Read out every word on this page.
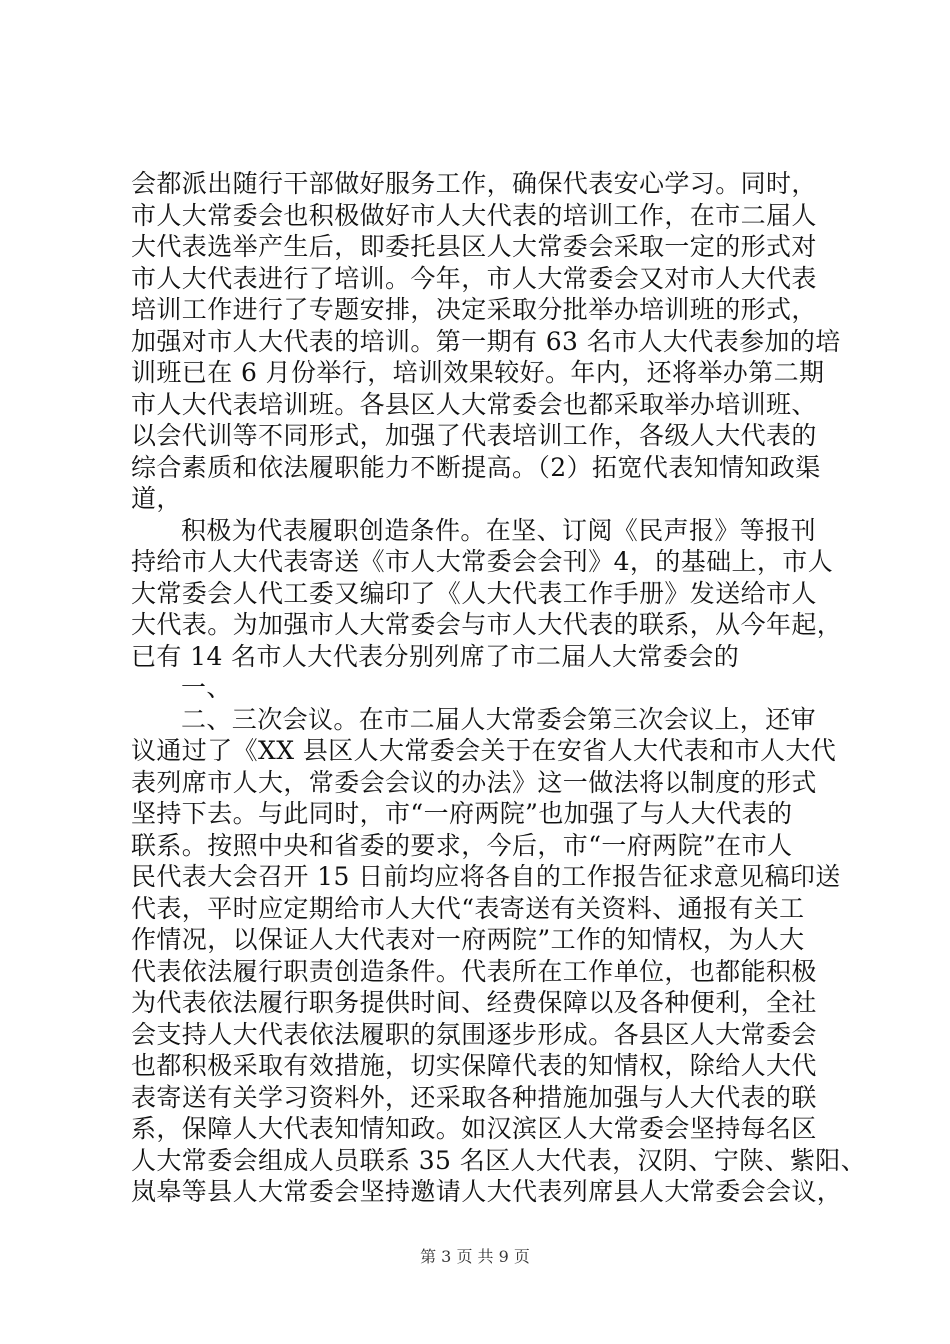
会都派出随行干部做好服务工作，确保代表安心学习。同时，
市人大常委会也积极做好市人大代表的培训工作，在市二届人
大代表选举产生后，即委托县区人大常委会采取一定的形式对
市人大代表进行了培训。今年，市人大常委会又对市人大代表
培训工作进行了专题安排，决定采取分批举办培训班的形式，
加强对市人大代表的培训。第一期有 63 名市人大代表参加的培
训班已在 6 月份举行，培训效果较好。年内，还将举办第二期
市人大代表培训班。各县区人大常委会也都采取举办培训班、
以会代训等不同形式，加强了代表培训工作，各级人大代表的
综合素质和依法履职能力不断提高。（2）拓宽代表知情知政渠
道，
积极为代表履职创造条件。在坚、订阅《民声报》等报刊
持给市人大代表寄送《市人大常委会会刊》4，的基础上，市人
大常委会人代工委又编印了《人大代表工作手册》发送给市人
大代表。为加强市人大常委会与市人大代表的联系，从今年起，
已有 14 名市人大代表分别列席了市二届人大常委会的
一、
二、三次会议。在市二届人大常委会第三次会议上，还审
议通过了《XX 县区人大常委会关于在安省人大代表和市人大代
表列席市人大，常委会会议的办法》这一做法将以制度的形式
坚持下去。与此同时，市“一府两院”也加强了与人大代表的
联系。按照中央和省委的要求，今后，市“一府两院”在市人
民代表大会召开 15 日前均应将各自的工作报告征求意见稿印送
代表，平时应定期给市人大代“表寄送有关资料、通报有关工
作情况，以保证人大代表对一府两院”工作的知情权，为人大
代表依法履行职责创造条件。代表所在工作单位，也都能积极
为代表依法履行职务提供时间、经费保障以及各种便利，全社
会支持人大代表依法履职的氛围逐步形成。各县区人大常委会
也都积极采取有效措施，切实保障代表的知情权，除给人大代
表寄送有关学习资料外，还采取各种措施加强与人大代表的联
系，保障人大代表知情知政。如汉滨区人大常委会坚持每名区
人大常委会组成人员联系 35 名区人大代表，汉阴、宁陕、紫阳、
岚皋等县人大常委会坚持邀请人大代表列席县人大常委会会议，
第 3 页 共 9 页
